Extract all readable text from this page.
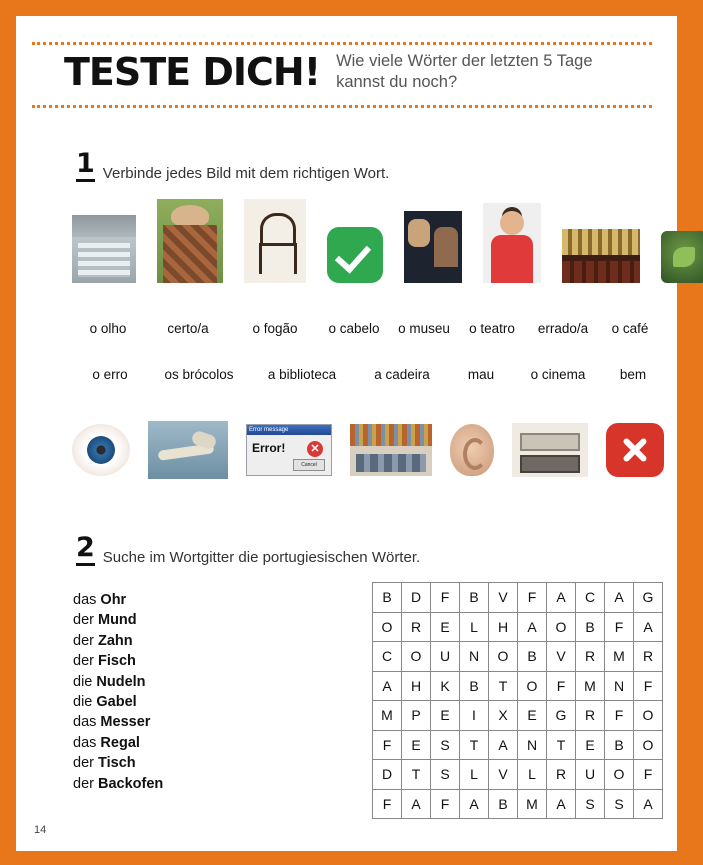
TESTE DICH! Wie viele Wörter der letzten 5 Tage kannst du noch?
1 Verbinde jedes Bild mit dem richtigen Wort.
o olho	certo/a	o fogão	o cabelo	o museu	o teatro	errado/a	o café
o erro	os brócolos	a biblioteca	a cadeira	mau	o cinema	bem
Error message
Error!	✕
Cancel
2 Suche im Wortgitter die portugiesischen Wörter.
das Ohr
der Mund
der Zahn
der Fisch
die Nudeln
die Gabel
das Messer
das Regal
der Tisch
der Backofen
B	D	F	B	V	F	A	C	A	G
O	R	E	L	H	A	O	B	F	A
C	O	U	N	O	B	V	R	M	R
A	H	K	B	T	O	F	M	N	F
M	P	E	I	X	E	G	R	F	O
F	E	S	T	A	N	T	E	B	O
D	T	S	L	V	L	R	U	O	F
F	A	F	A	B	M	A	S	S	A
14
